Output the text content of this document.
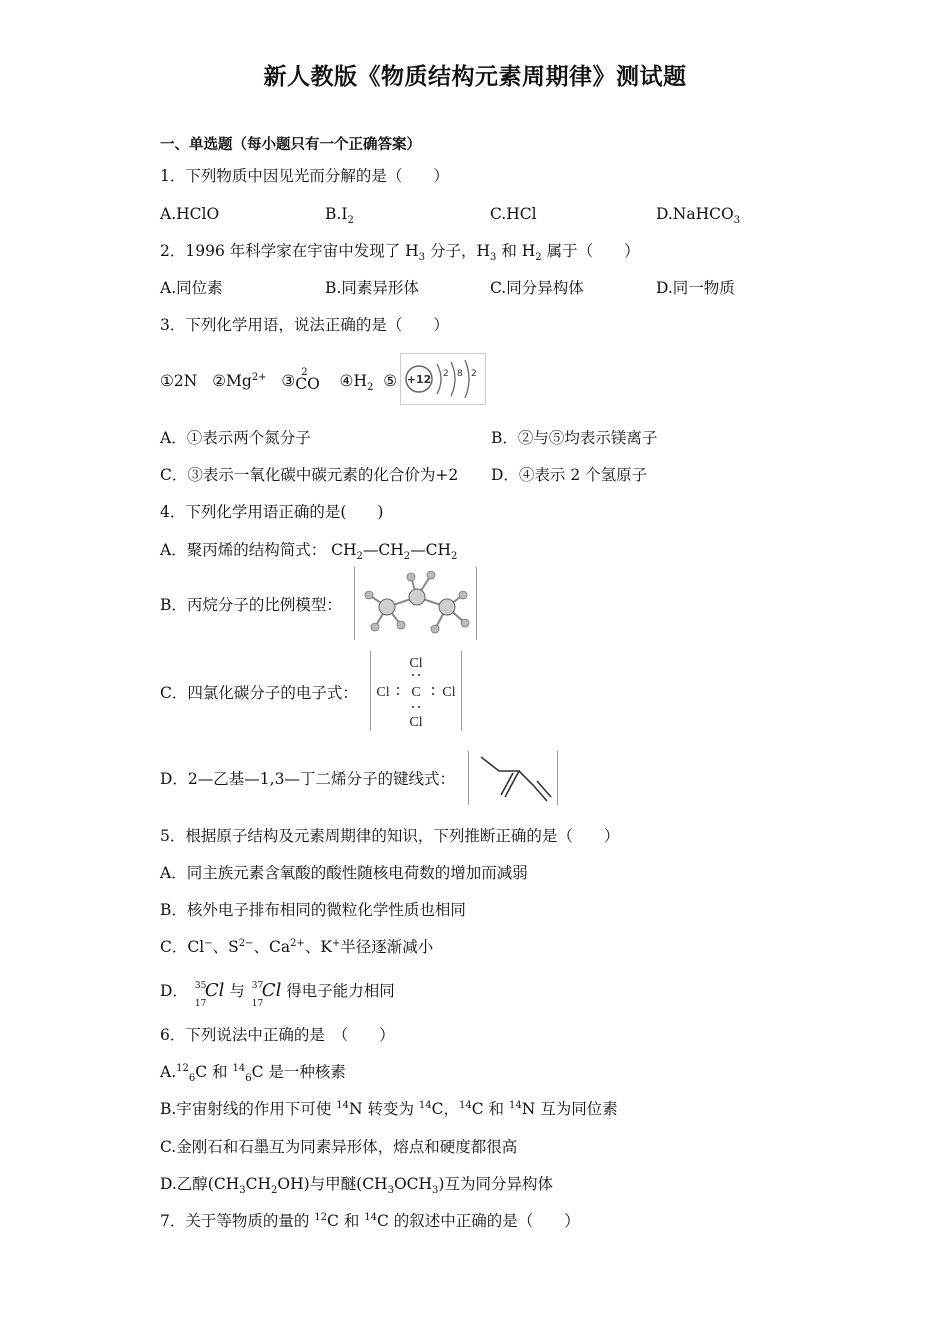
新人教版《物质结构元素周期律》测试题
一、单选题（每小题只有一个正确答案）
1．下列物质中因见光而分解的是（　　）
A.HClO	$B.I_2$	C.HCl	D.NaHCO$_3$
2．1996 年科学家在宇宙中发现了 $H_3$ 分子，$H_3$ 和 $H_2$ 属于（　　）
A.同位素	B.同素异形体	C.同分异构体	D.同一物质
3．下列化学用语，说法正确的是（　　）
①2N $②Mg^{2+}$ ③ 2
CO $④H_2$ ⑤ +12 2 8 2
A．①表示两个氮分子	B．②与⑤均表示镁离子
C．③表示一氧化碳中碳元素的化合价为+2 D．④表示 2 个氢原子
4．下列化学用语正确的是(　　)
A．聚丙烯的结构简式： $CH_2—CH_2—CH_2$
B．丙烷分子的比例模型：
C．四氯化碳分子的电子式：
Cl
C
Cl	Cl
Cl
D．2—乙基—1,3—丁二烯分子的键线式：
5．根据原子结构及元素周期律的知识，下列推断正确的是（　　）
A．同主族元素含氧酸的酸性随核电荷数的增加而减弱
B．核外电子排布相同的微粒化学性质也相同
C．Cl−、$S^{2-}$、$Ca^{2+}$、K+半径逐渐减小
D． 35
17
Cl 与 37
17
Cl 得电子能力相同
6．下列说法中正确的是　（　　）
A.$^{12}_6$C 和 $^{14}_6$C 是一种核素
B.宇宙射线的作用下可使 $^{14}$N 转变为 $^{14}$C，$^{14}$C 和 $^{14}$N 互为同位素
C.金刚石和石墨互为同素异形体，熔点和硬度都很高
D.乙醇$(CH_3CH_2OH)$与甲醚$(CH_3OCH_3)$互为同分异构体
7．关于等物质的量的 $^{12}$C 和 $^{14}$C 的叙述中正确的是（　　）
